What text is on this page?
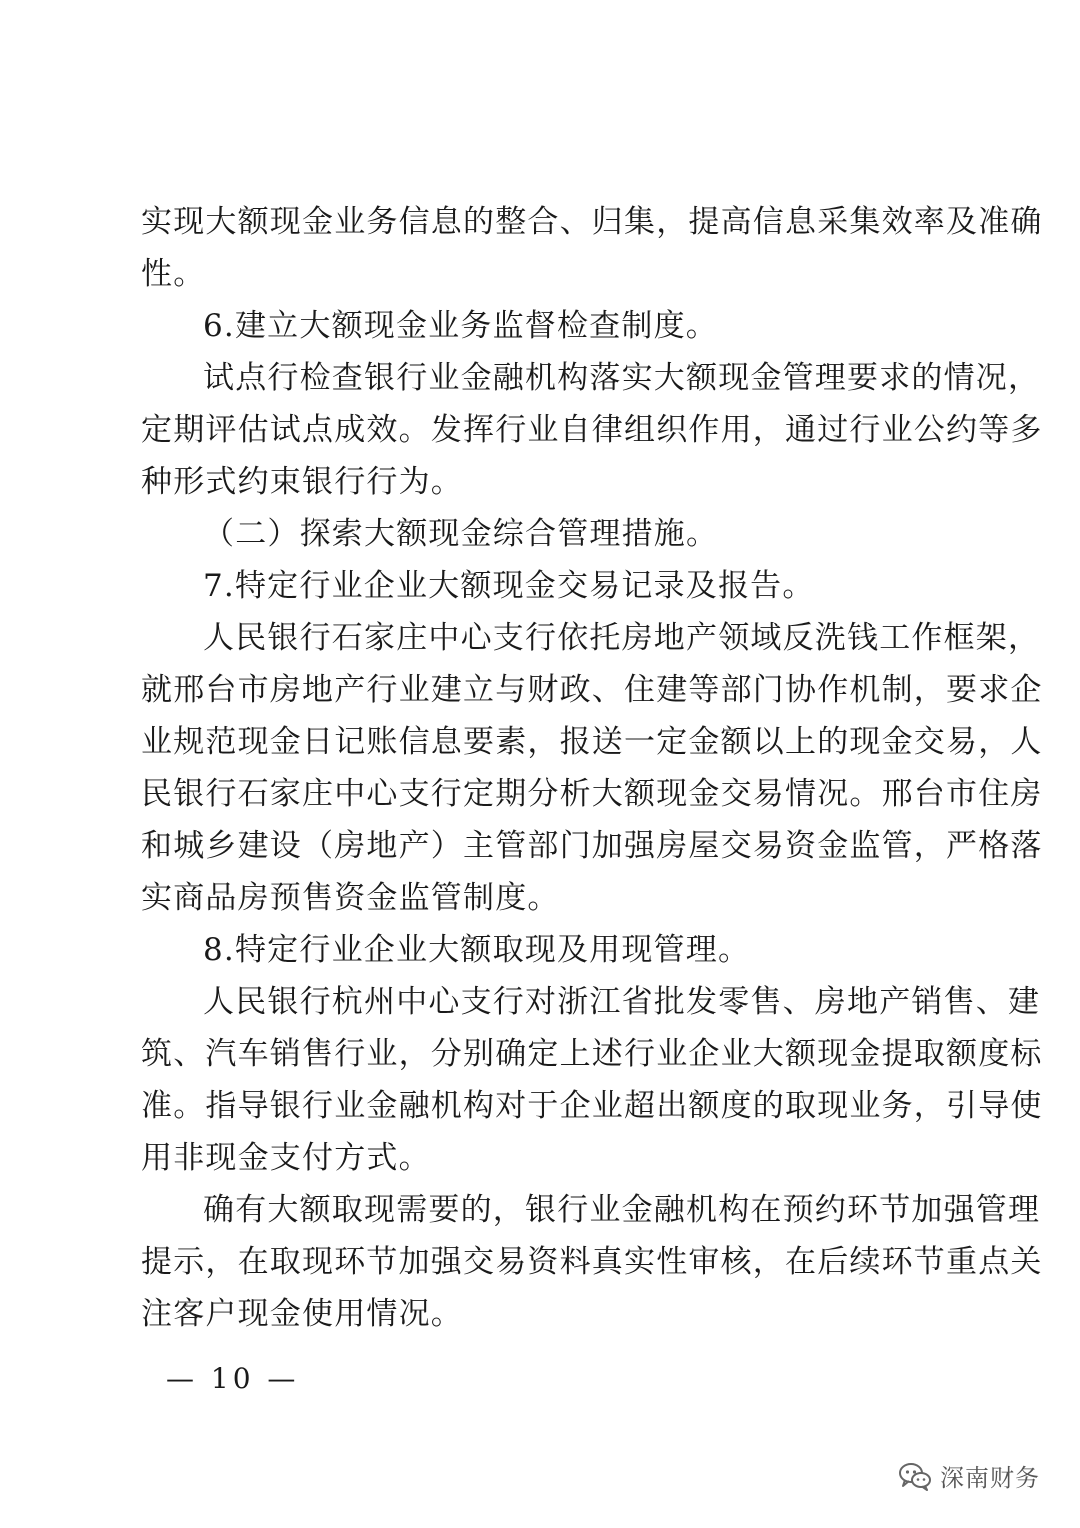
实现大额现金业务信息的整合、归集，提高信息采集效率及准确
性。
6.建立大额现金业务监督检查制度。
试点行检查银行业金融机构落实大额现金管理要求的情况，
定期评估试点成效。发挥行业自律组织作用，通过行业公约等多
种形式约束银行行为。
（二）探索大额现金综合管理措施。
7.特定行业企业大额现金交易记录及报告。
人民银行石家庄中心支行依托房地产领域反洗钱工作框架，
就邢台市房地产行业建立与财政、住建等部门协作机制，要求企
业规范现金日记账信息要素，报送一定金额以上的现金交易，人
民银行石家庄中心支行定期分析大额现金交易情况。邢台市住房
和城乡建设（房地产）主管部门加强房屋交易资金监管，严格落
实商品房预售资金监管制度。
8.特定行业企业大额取现及用现管理。
人民银行杭州中心支行对浙江省批发零售、房地产销售、建
筑、汽车销售行业，分别确定上述行业企业大额现金提取额度标
准。指导银行业金融机构对于企业超出额度的取现业务，引导使
用非现金支付方式。
确有大额取现需要的，银行业金融机构在预约环节加强管理
提示，在取现环节加强交易资料真实性审核，在后续环节重点关
注客户现金使用情况。
— 10 —
深南财务
